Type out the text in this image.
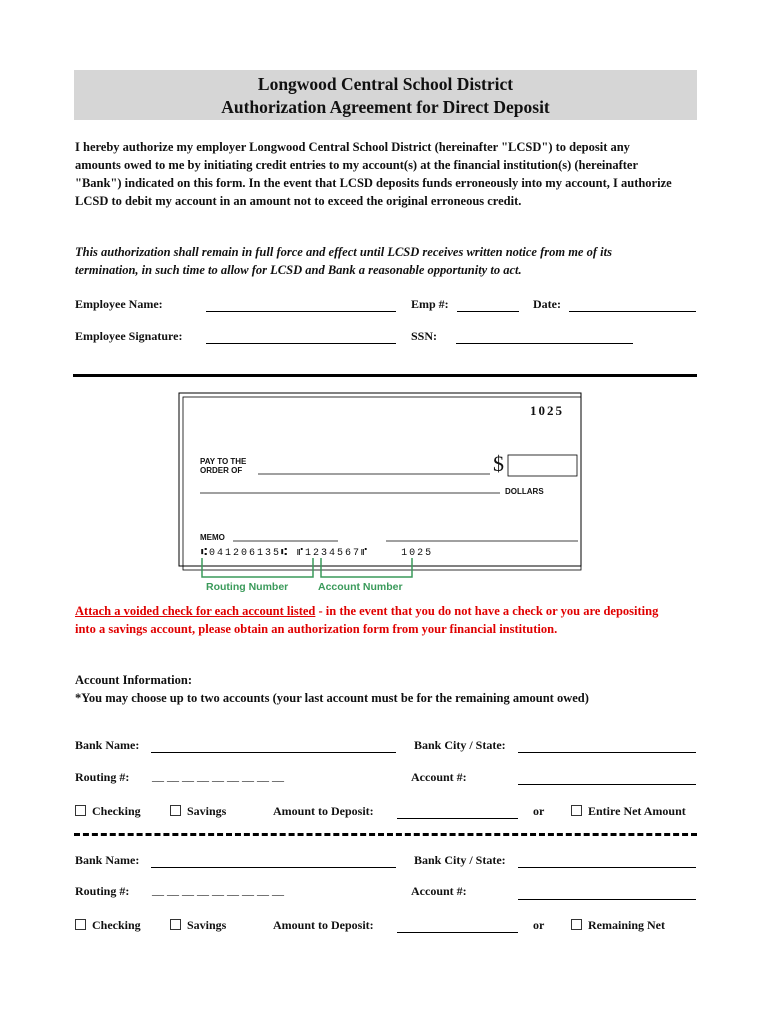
Longwood Central School District
Authorization Agreement for Direct Deposit
I hereby authorize my employer Longwood Central School District (hereinafter "LCSD") to deposit any amounts owed to me by initiating credit entries to my account(s) at the financial institution(s) (hereinafter "Bank") indicated on this form. In the event that LCSD deposits funds erroneously into my account, I authorize LCSD to debit my account in an amount not to exceed the original erroneous credit.
This authorization shall remain in full force and effect until LCSD receives written notice from me of its termination, in such time to allow for LCSD and Bank a reasonable opportunity to act.
Employee Name:	Emp #:	Date:
Employee Signature:	SSN:
1025
PAY TO THE
ORDER OF	$
DOLLARS
MEMO
⑆041206135⑆ ⑈1234567⑈	1025
Routing Number	Account Number
Attach a voided check for each account listed - in the event that you do not have a check or you are depositing into a savings account, please obtain an authorization form from your financial institution.
Account Information:
*You may choose up to two accounts (your last account must be for the remaining amount owed)
Bank Name:	Bank City / State:
Routing #: __ __ __ __ __ __ __ __ __	Account #:
Checking	Savings	Amount to Deposit:	or	Entire Net Amount
Bank Name:	Bank City / State:
Routing #: __ __ __ __ __ __ __ __ __	Account #:
Checking	Savings	Amount to Deposit:	or	Remaining Net
